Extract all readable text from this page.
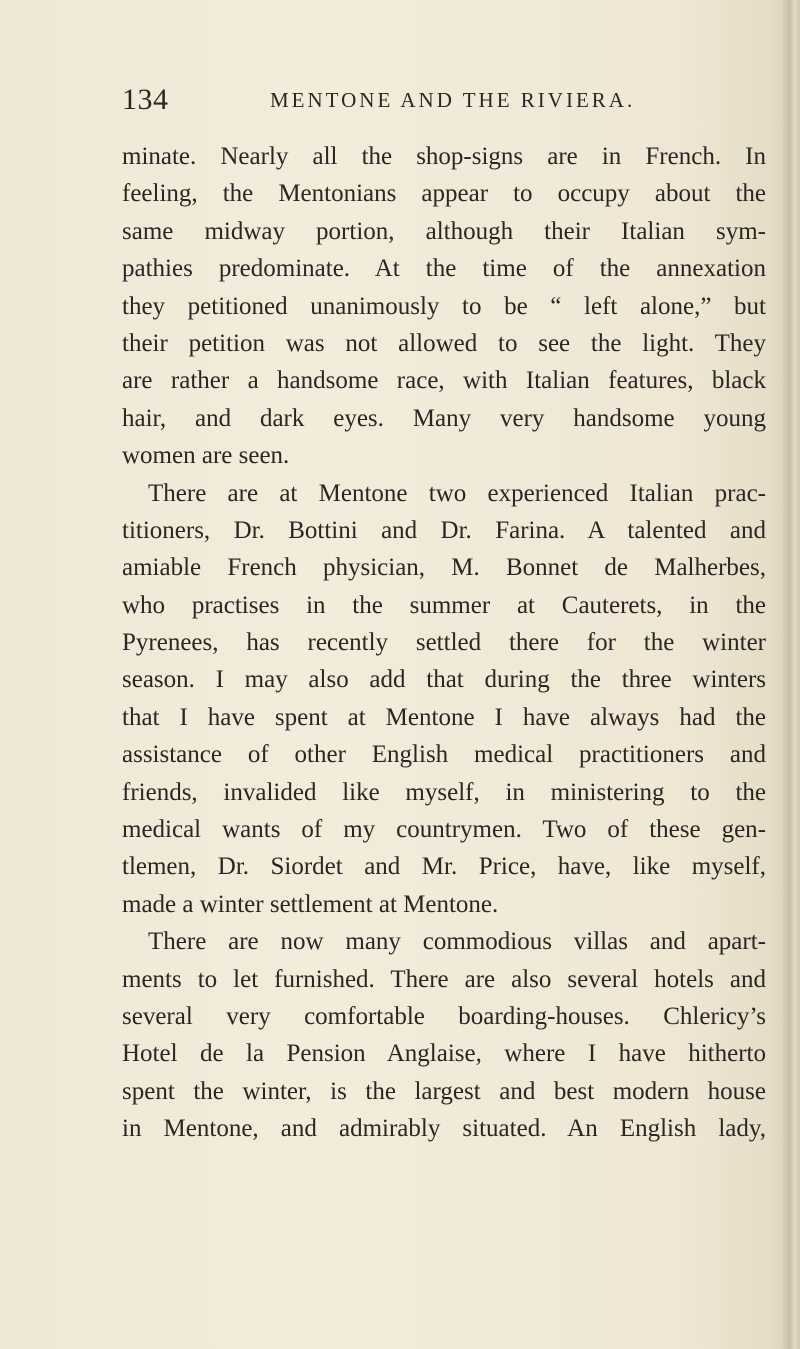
134	MENTONE AND THE RIVIERA.
minate. Nearly all the shop-signs are in French. In
feeling, the Mentonians appear to occupy about the
same midway portion, although their Italian sym-
pathies predominate. At the time of the annexation
they petitioned unanimously to be “ left alone,” but
their petition was not allowed to see the light. They
are rather a handsome race, with Italian features, black
hair, and dark eyes. Many very handsome young
women are seen.
There are at Mentone two experienced Italian prac-
titioners, Dr. Bottini and Dr. Farina. A talented and
amiable French physician, M. Bonnet de Malherbes,
who practises in the summer at Cauterets, in the
Pyrenees, has recently settled there for the winter
season. I may also add that during the three winters
that I have spent at Mentone I have always had the
assistance of other English medical practitioners and
friends, invalided like myself, in ministering to the
medical wants of my countrymen. Two of these gen-
tlemen, Dr. Siordet and Mr. Price, have, like myself,
made a winter settlement at Mentone.
There are now many commodious villas and apart-
ments to let furnished. There are also several hotels and
several very comfortable boarding-houses. Chlericy’s
Hotel de la Pension Anglaise, where I have hitherto
spent the winter, is the largest and best modern house
in Mentone, and admirably situated. An English lady,
